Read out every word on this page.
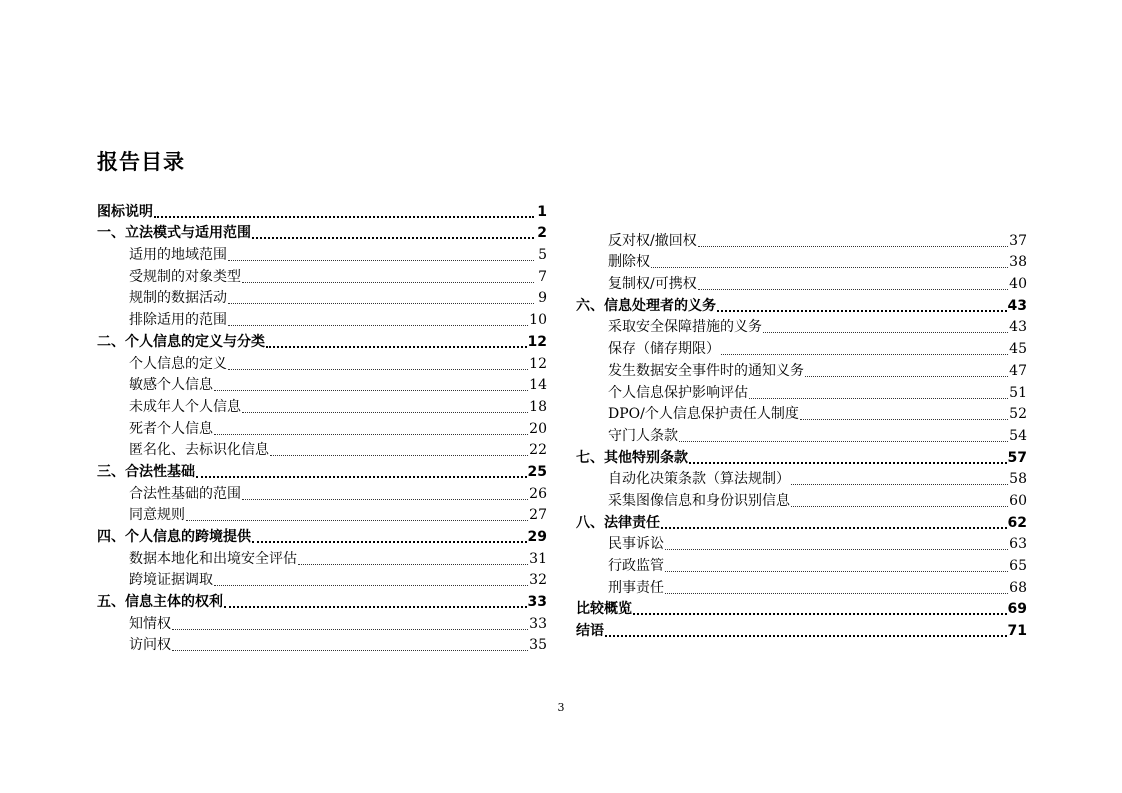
报告目录
图标说明	1
一、立法模式与适用范围	2
适用的地域范围	5
受规制的对象类型	7
规制的数据活动	9
排除适用的范围	10
二、个人信息的定义与分类	12
个人信息的定义	12
敏感个人信息	14
未成年人个人信息	18
死者个人信息	20
匿名化、去标识化信息	22
三、合法性基础	25
合法性基础的范围	26
同意规则	27
四、个人信息的跨境提供	29
数据本地化和出境安全评估	31
跨境证据调取	32
五、信息主体的权利	33
知情权	33
访问权	35
反对权/撤回权	37
删除权	38
复制权/可携权	40
六、信息处理者的义务	43
采取安全保障措施的义务	43
保存（储存期限）	45
发生数据安全事件时的通知义务	47
个人信息保护影响评估	51
DPO/个人信息保护责任人制度	52
守门人条款	54
七、其他特别条款	57
自动化决策条款（算法规制）	58
采集图像信息和身份识别信息	60
八、法律责任	62
民事诉讼	63
行政监管	65
刑事责任	68
比较概览	69
结语	71
3
